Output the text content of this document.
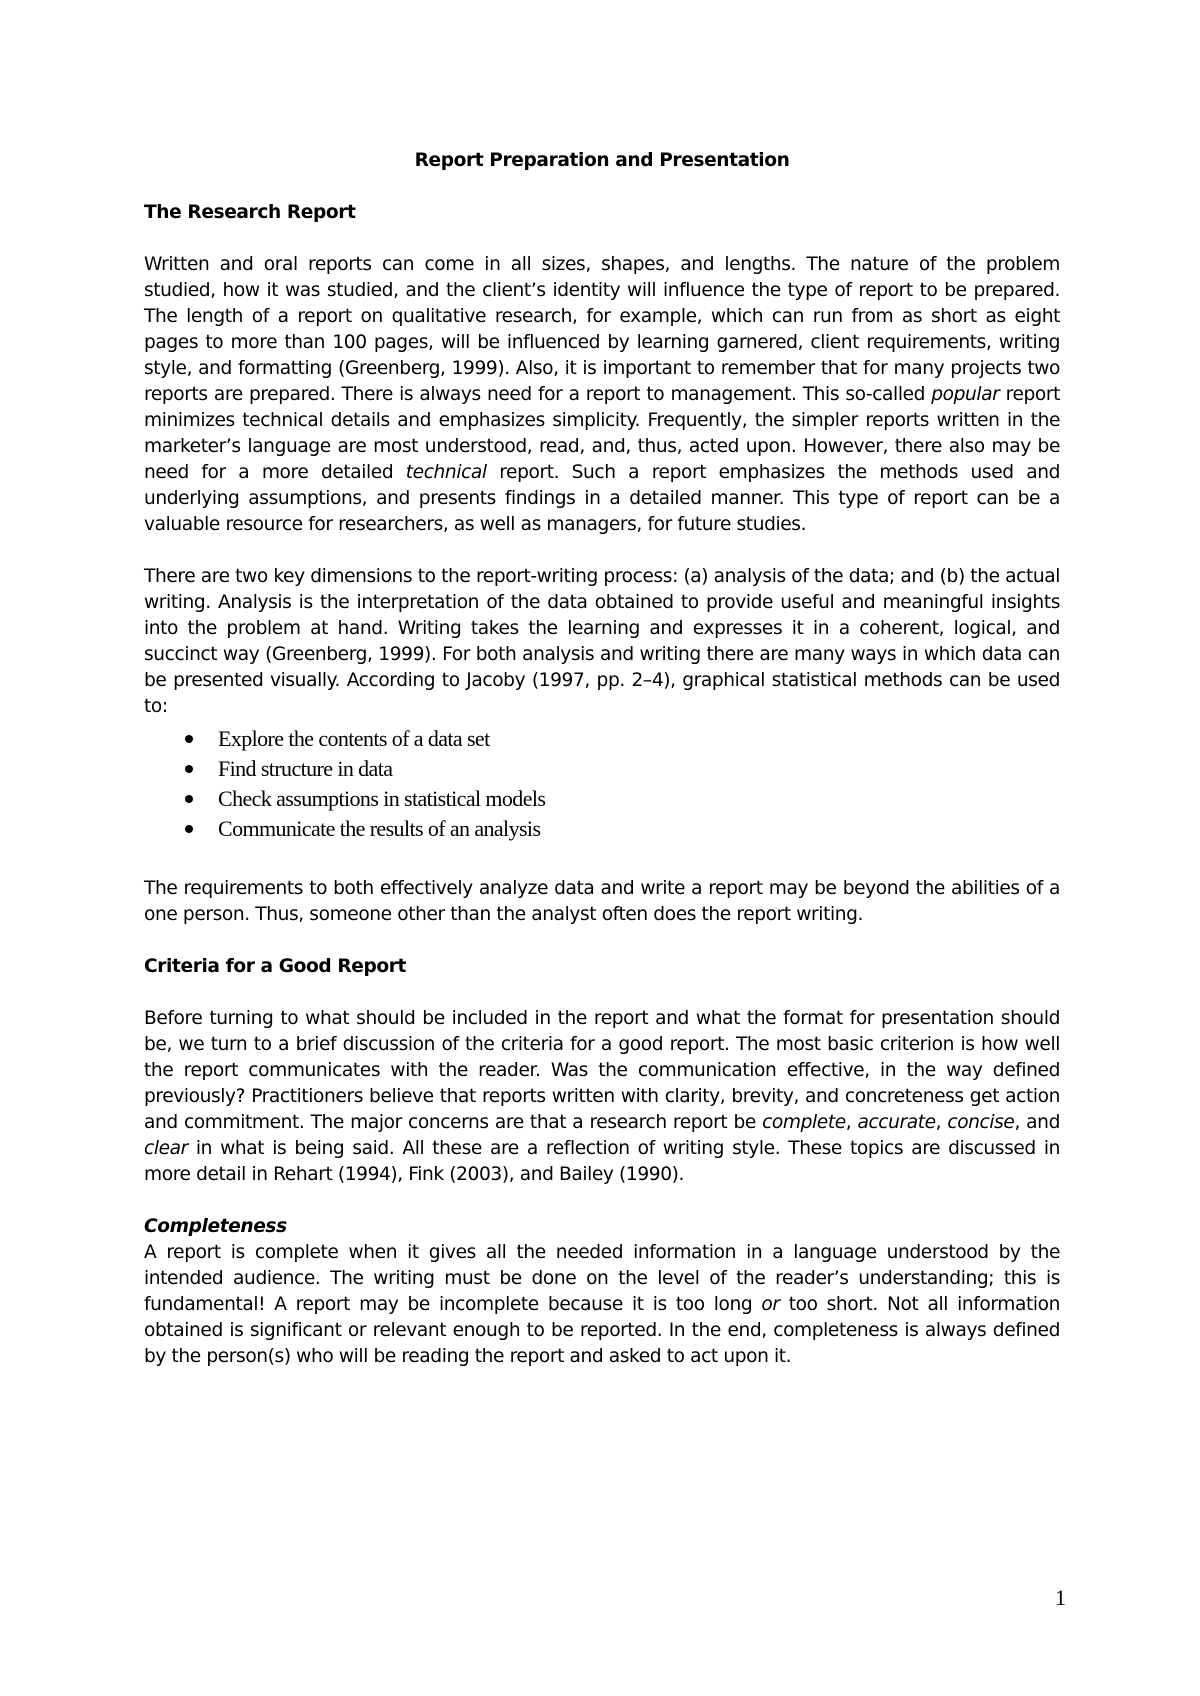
Report Preparation and Presentation
The Research Report

Written and oral reports can come in all sizes, shapes, and lengths. The nature of the problem studied, how it was studied, and the client’s identity will influence the type of report to be prepared. The length of a report on qualitative research, for example, which can run from as short as eight pages to more than 100 pages, will be influenced by learning garnered, client requirements, writing style, and formatting (Greenberg, 1999). Also, it is important to remember that for many projects two reports are prepared. There is always need for a report to management. This so-called popular report minimizes technical details and emphasizes simplicity. Frequently, the simpler reports written in the marketer’s language are most understood, read, and, thus, acted upon. However, there also may be need for a more detailed technical report. Such a report emphasizes the methods used and underlying assumptions, and presents findings in a detailed manner. This type of report can be a valuable resource for researchers, as well as managers, for future studies.

There are two key dimensions to the report-writing process: (a) analysis of the data; and (b) the actual writing. Analysis is the interpretation of the data obtained to provide useful and meaningful insights into the problem at hand. Writing takes the learning and expresses it in a coherent, logical, and succinct way (Greenberg, 1999). For both analysis and writing there are many ways in which data can be presented visually. According to Jacoby (1997, pp. 2–4), graphical statistical methods can be used to:

Explore the contents of a data set
Find structure in data
Check assumptions in statistical models
Communicate the results of an analysis

The requirements to both effectively analyze data and write a report may be beyond the abilities of a one person. Thus, someone other than the analyst often does the report writing.

Criteria for a Good Report

Before turning to what should be included in the report and what the format for presentation should be, we turn to a brief discussion of the criteria for a good report. The most basic criterion is how well the report communicates with the reader. Was the communication effective, in the way defined previously? Practitioners believe that reports written with clarity, brevity, and concreteness get action and commitment. The major concerns are that a research report be complete, accurate, concise, and clear in what is being said. All these are a reflection of writing style. These topics are discussed in more detail in Rehart (1994), Fink (2003), and Bailey (1990).

Completeness

A report is complete when it gives all the needed information in a language understood by the intended audience. The writing must be done on the level of the reader’s understanding; this is fundamental! A report may be incomplete because it is too long or too short. Not all information obtained is significant or relevant enough to be reported. In the end, completeness is always defined by the person(s) who will be reading the report and asked to act upon it.

1
